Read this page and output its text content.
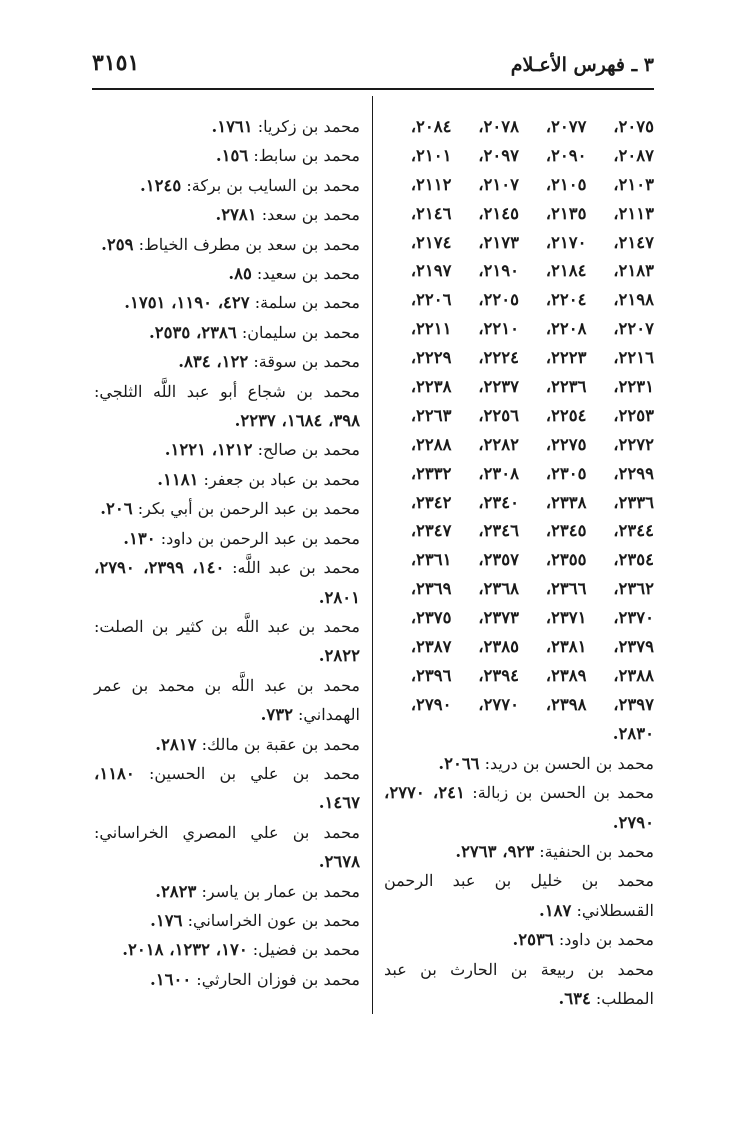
٣ ـ فهرس الأعـلام
٣١٥١
٢٠٧٥،
٢٠٧٧،
٢٠٧٨،
٢٠٨٤،
٢٠٨٧،
٢٠٩٠،
٢٠٩٧،
٢١٠١،
٢١٠٣،
٢١٠٥،
٢١٠٧،
٢١١٢،
٢١١٣،
٢١٣٥،
٢١٤٥،
٢١٤٦،
٢١٤٧،
٢١٧٠،
٢١٧٣،
٢١٧٤،
٢١٨٣،
٢١٨٤،
٢١٩٠،
٢١٩٧،
٢١٩٨،
٢٢٠٤،
٢٢٠٥،
٢٢٠٦،
٢٢٠٧،
٢٢٠٨،
٢٢١٠،
٢٢١١،
٢٢١٦،
٢٢٢٣،
٢٢٢٤،
٢٢٢٩،
٢٢٣١،
٢٢٣٦،
٢٢٣٧،
٢٢٣٨،
٢٢٥٣،
٢٢٥٤،
٢٢٥٦،
٢٢٦٣،
٢٢٧٢،
٢٢٧٥،
٢٢٨٢،
٢٢٨٨،
٢٢٩٩،
٢٣٠٥،
٢٣٠٨،
٢٣٣٢،
٢٣٣٦،
٢٣٣٨،
٢٣٤٠،
٢٣٤٢،
٢٣٤٤،
٢٣٤٥،
٢٣٤٦،
٢٣٤٧،
٢٣٥٤،
٢٣٥٥،
٢٣٥٧،
٢٣٦١،
٢٣٦٢،
٢٣٦٦،
٢٣٦٨،
٢٣٦٩،
٢٣٧٠،
٢٣٧١،
٢٣٧٣،
٢٣٧٥،
٢٣٧٩،
٢٣٨١،
٢٣٨٥،
٢٣٨٧،
٢٣٨٨،
٢٣٨٩،
٢٣٩٤،
٢٣٩٦،
٢٣٩٧،
٢٣٩٨،
٢٧٧٠،
٢٧٩٠،
٢٨٣٠.
محمد بن الحسن بن دريد: ٢٠٦٦.
محمد بن الحسن بن زبالة: ٢٤١، ٢٧٧٠، ٢٧٩٠.
محمد بن الحنفية: ٩٢٣، ٢٧٦٣.
محمد بن خليل بن عبد الرحمن القسطلاني: ١٨٧.
محمد بن داود: ٢٥٣٦.
محمد بن ربيعة بن الحارث بن عبد المطلب: ٦٣٤.
محمد بن زكريا: ١٧٦١.
محمد بن سابط: ١٥٦.
محمد بن السايب بن بركة: ١٢٤٥.
محمد بن سعد: ٢٧٨١.
محمد بن سعد بن مطرف الخياط: ٢٥٩.
محمد بن سعيد: ٨٥.
محمد بن سلمة: ٤٢٧، ١١٩٠، ١٧٥١.
محمد بن سليمان: ٢٣٨٦، ٢٥٣٥.
محمد بن سوقة: ١٢٢، ٨٣٤.
محمد بن شجاع أبو عبد اللَّه الثلجي: ٣٩٨، ١٦٨٤، ٢٢٣٧.
محمد بن صالح: ١٢١٢، ١٢٢١.
محمد بن عباد بن جعفر: ١١٨١.
محمد بن عبد الرحمن بن أبي بكر: ٢٠٦.
محمد بن عبد الرحمن بن داود: ١٣٠.
محمد بن عبد اللَّه: ١٤٠، ٢٣٩٩، ٢٧٩٠، ٢٨٠١.
محمد بن عبد اللَّه بن كثير بن الصلت: ٢٨٢٢.
محمد بن عبد اللَّه بن محمد بن عمر الهمداني: ٧٣٢.
محمد بن عقبة بن مالك: ٢٨١٧.
محمد بن علي بن الحسين: ١١٨٠، ١٤٦٧.
محمد بن علي المصري الخراساني: ٢٦٧٨.
محمد بن عمار بن ياسر: ٢٨٢٣.
محمد بن عون الخراساني: ١٧٦.
محمد بن فضيل: ١٧٠، ١٢٣٢، ٢٠١٨.
محمد بن فوزان الحارثي: ١٦٠٠.
